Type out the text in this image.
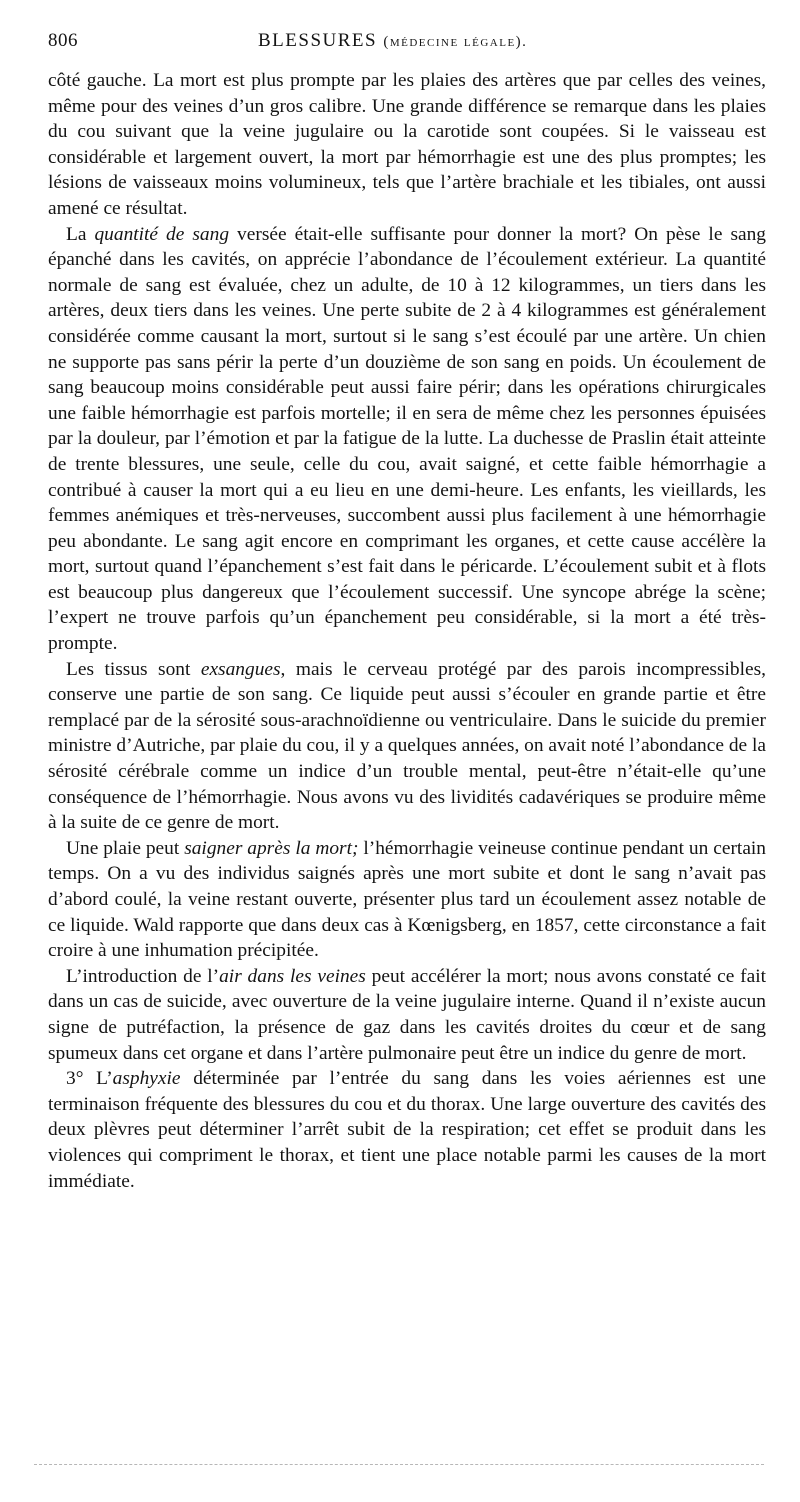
806	BLESSURES (médecine légale).

côté gauche. La mort est plus prompte par les plaies des artères que par celles des veines, même pour des veines d’un gros calibre. Une grande différence se remarque dans les plaies du cou suivant que la veine jugulaire ou la carotide sont coupées. Si le vaisseau est considérable et largement ouvert, la mort par hémorrhagie est une des plus promptes; les lésions de vaisseaux moins volumineux, tels que l’artère brachiale et les tibiales, ont aussi amené ce résultat.

La quantité de sang versée était-elle suffisante pour donner la mort? On pèse le sang épanché dans les cavités, on apprécie l’abondance de l’écoulement extérieur. La quantité normale de sang est évaluée, chez un adulte, de 10 à 12 kilogrammes, un tiers dans les artères, deux tiers dans les veines. Une perte subite de 2 à 4 kilogrammes est généralement considérée comme causant la mort, surtout si le sang s’est écoulé par une artère. Un chien ne supporte pas sans périr la perte d’un douzième de son sang en poids. Un écoulement de sang beaucoup moins considérable peut aussi faire périr; dans les opérations chirurgicales une faible hémorrhagie est parfois mortelle; il en sera de même chez les personnes épuisées par la douleur, par l’émotion et par la fatigue de la lutte. La duchesse de Praslin était atteinte de trente blessures, une seule, celle du cou, avait saigné, et cette faible hémorrhagie a contribué à causer la mort qui a eu lieu en une demi-heure. Les enfants, les vieillards, les femmes anémiques et très-nerveuses, succombent aussi plus facilement à une hémorrhagie peu abondante. Le sang agit encore en comprimant les organes, et cette cause accélère la mort, surtout quand l’épanchement s’est fait dans le péricarde. L’écoulement subit et à flots est beaucoup plus dangereux que l’écoulement successif. Une syncope abrége la scène; l’expert ne trouve parfois qu’un épanchement peu considérable, si la mort a été très-prompte.

Les tissus sont exsangues, mais le cerveau protégé par des parois incompressibles, conserve une partie de son sang. Ce liquide peut aussi s’écouler en grande partie et être remplacé par de la sérosité sous-arachnoïdienne ou ventriculaire. Dans le suicide du premier ministre d’Autriche, par plaie du cou, il y a quelques années, on avait noté l’abondance de la sérosité cérébrale comme un indice d’un trouble mental, peut-être n’était-elle qu’une conséquence de l’hémorrhagie. Nous avons vu des lividités cadavériques se produire même à la suite de ce genre de mort.

Une plaie peut saigner après la mort; l’hémorrhagie veineuse continue pendant un certain temps. On a vu des individus saignés après une mort subite et dont le sang n’avait pas d’abord coulé, la veine restant ouverte, présenter plus tard un écoulement assez notable de ce liquide. Wald rapporte que dans deux cas à Kœnigsberg, en 1857, cette circonstance a fait croire à une inhumation précipitée.

L’introduction de l’air dans les veines peut accélérer la mort; nous avons constaté ce fait dans un cas de suicide, avec ouverture de la veine jugulaire interne. Quand il n’existe aucun signe de putréfaction, la présence de gaz dans les cavités droites du cœur et de sang spumeux dans cet organe et dans l’artère pulmonaire peut être un indice du genre de mort.

3° L’asphyxie déterminée par l’entrée du sang dans les voies aériennes est une terminaison fréquente des blessures du cou et du thorax. Une large ouverture des cavités des deux plèvres peut déterminer l’arrêt subit de la respiration; cet effet se produit dans les violences qui compriment le thorax, et tient une place notable parmi les causes de la mort immédiate.
